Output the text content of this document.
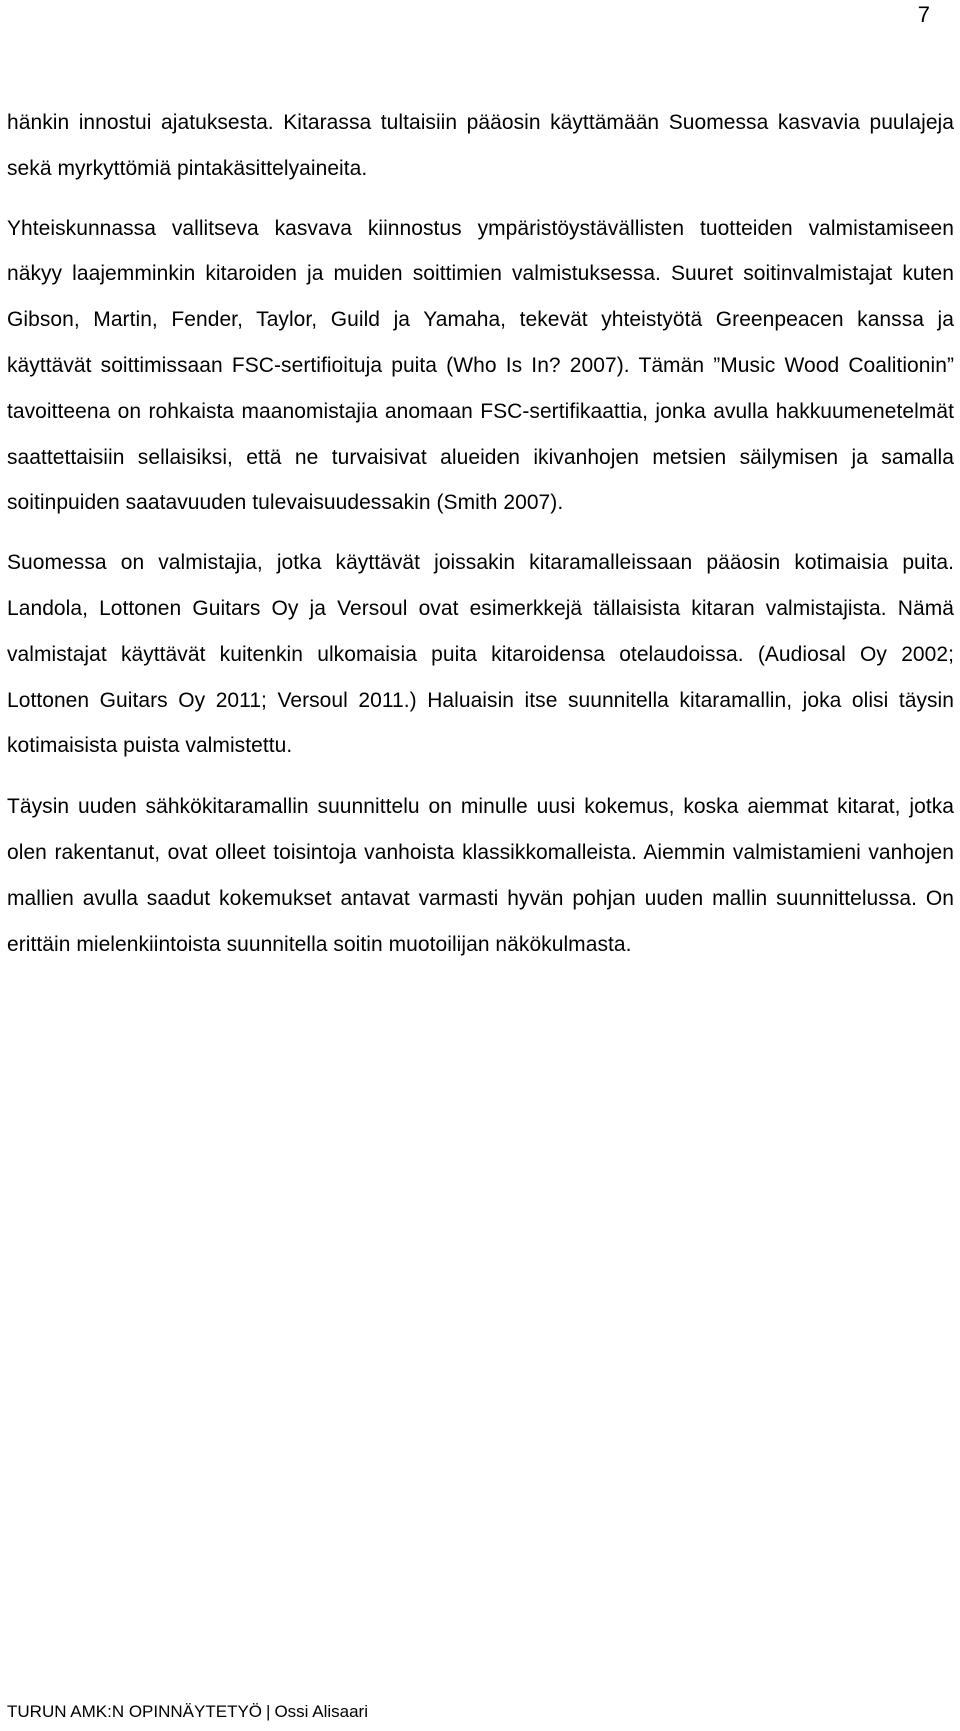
7

hänkin innostui ajatuksesta. Kitarassa tultaisiin pääosin käyttämään Suomessa kasvavia puulajeja sekä myrkyttömiä pintakäsittelyaineita.

Yhteiskunnassa vallitseva kasvava kiinnostus ympäristöystävällisten tuotteiden valmistamiseen näkyy laajemminkin kitaroiden ja muiden soittimien valmistuksessa. Suuret soitinvalmistajat kuten Gibson, Martin, Fender, Taylor, Guild ja Yamaha, tekevät yhteistyötä Greenpeacen kanssa ja käyttävät soittimissaan FSC-sertifioituja puita (Who Is In? 2007). Tämän ”Music Wood Coalitionin” tavoitteena on rohkaista maanomistajia anomaan FSC-sertifikaattia, jonka avulla hakkuumenetelmät saattettaisiin sellaisiksi, että ne turvaisivat alueiden ikivanhojen metsien säilymisen ja samalla soitinpuiden saatavuuden tulevaisuudessakin (Smith 2007).

Suomessa on valmistajia, jotka käyttävät joissakin kitaramalleissaan pääosin kotimaisia puita. Landola, Lottonen Guitars Oy ja Versoul ovat esimerkkejä tällaisista kitaran valmistajista. Nämä valmistajat käyttävät kuitenkin ulkomaisia puita kitaroidensa otelaudoissa. (Audiosal Oy 2002; Lottonen Guitars Oy 2011; Versoul 2011.) Haluaisin itse suunnitella kitaramallin, joka olisi täysin kotimaisista puista valmistettu.

Täysin uuden sähkökitaramallin suunnittelu on minulle uusi kokemus, koska aiemmat kitarat, jotka olen rakentanut, ovat olleet toisintoja vanhoista klassikkomalleista. Aiemmin valmistamieni vanhojen mallien avulla saadut kokemukset antavat varmasti hyvän pohjan uuden mallin suunnittelussa. On erittäin mielenkiintoista suunnitella soitin muotoilijan näkökulmasta.

TURUN AMK:N OPINNÄYTETYÖ | Ossi Alisaari
